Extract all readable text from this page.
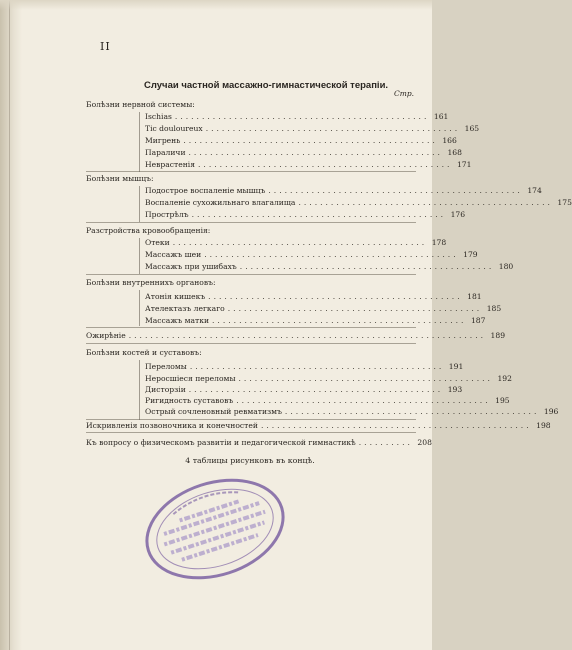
II
Случаи частной массажно-гимнастической терапiи.
Стр.
Болѣзни нервной системы:
Ischias ............................................... 161
Tic douloureux ............................................... 165
Мигрень ............................................... 166
Параличи ............................................... 168
Неврастенія ............................................... 171
Болѣзни мышцъ:
Подострое воспаленіе мышцъ ............................................... 174
Воспаленіе сухожильнаго влагалища ............................................... 175
Прострѣлъ ............................................... 176
Разстройства кровообращенія:
Отеки ............................................... 178
Массажъ шеи ............................................... 179
Массажъ при ушибахъ ............................................... 180
Болѣзни внутреннихъ органовъ:
Атонія кишекъ ............................................... 181
Ателектазъ легкаго ............................................... 185
Массажъ матки ............................................... 187
Ожирѣніе .................................................................. 189
Болѣзни костей и суставовъ:
Переломы ............................................... 191
Неросшіеся переломы ............................................... 192
Дисторзіи ............................................... 193
Ригидность суставовъ ............................................... 195
Острый сочленовный ревматизмъ ............................................... 196
Искривленія позвоночника и конечностей .................................................. 198
Къ вопросу о физическомъ развитіи и педагогической гимнастикѣ .......... 208
4 таблицы рисунковъ въ концѣ.
